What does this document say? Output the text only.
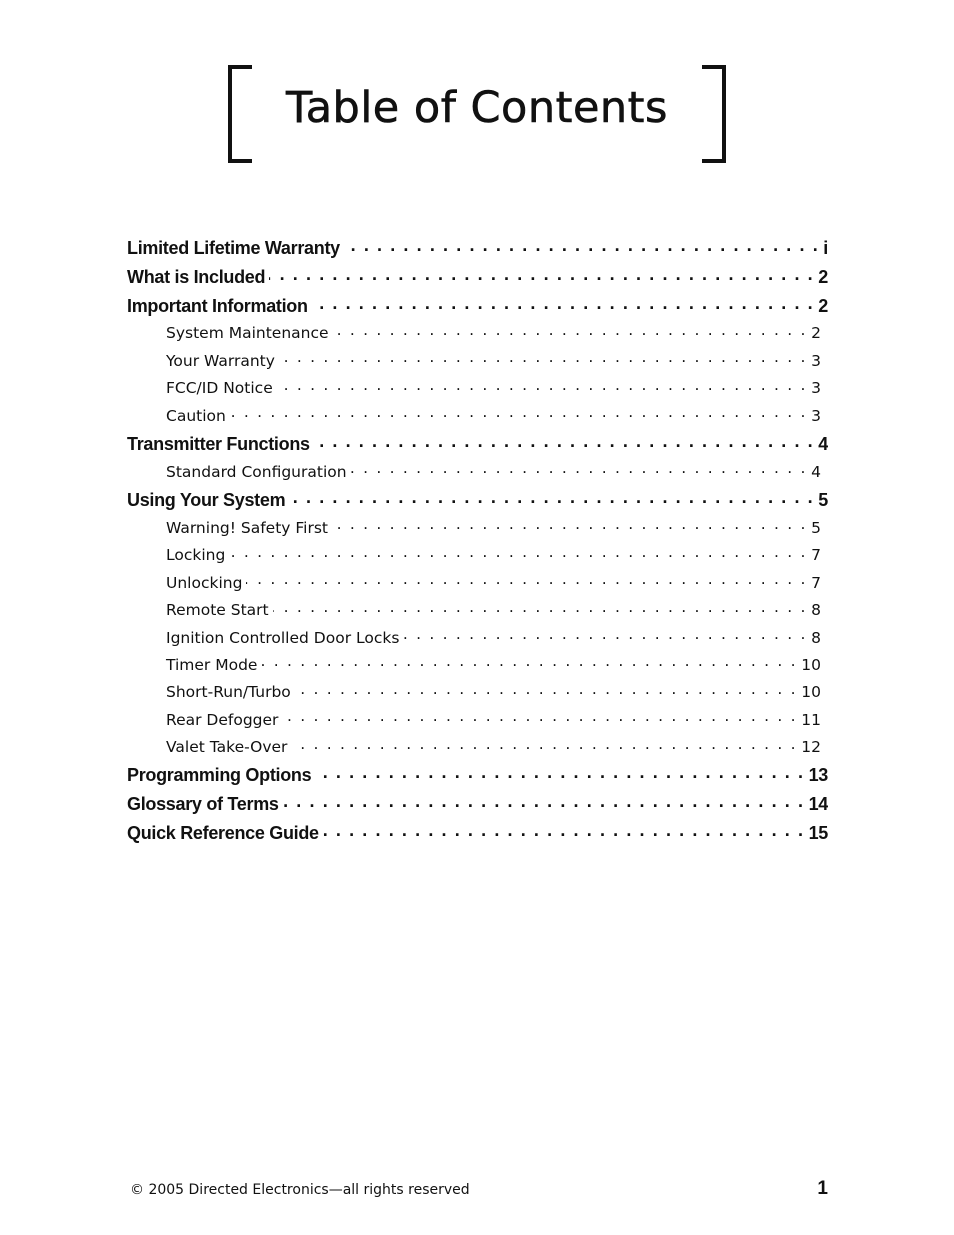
Table of Contents
Limited Lifetime Warranty . . .	i
What is Included . . .	2
Important Information . . .	2
System Maintenance . . .	2
Your Warranty . . .	3
FCC/ID Notice . . .	3
Caution . . .	3
Transmitter Functions . . .	4
Standard Configuration . . .	4
Using Your System . . .	5
Warning! Safety First . . .	5
Locking . . .	7
Unlocking . . .	7
Remote Start . . .	8
Ignition Controlled Door Locks . . .	8
Timer Mode . . .	10
Short-Run/Turbo . . .	10
Rear Defogger . . .	11
Valet Take-Over . . .	12
Programming Options . . .	13
Glossary of Terms . . .	14
Quick Reference Guide . . .	15
© 2005 Directed Electronics—all rights reserved	1
